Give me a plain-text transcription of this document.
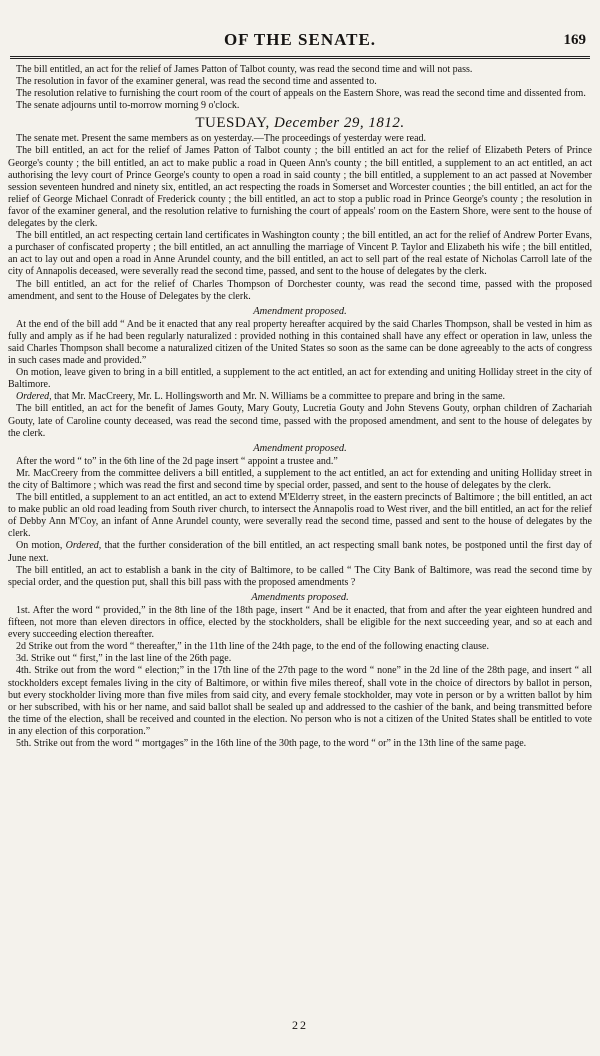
OF THE SENATE.	169

The bill entitled, an act for the relief of James Patton of Talbot county, was read the second time and will not pass.

The resolution in favor of the examiner general, was read the second time and assented to.

The resolution relative to furnishing the court room of the court of appeals on the Eastern Shore, was read the second time and dissented from.

The senate adjourns until to-morrow morning 9 o'clock.

TUESDAY, December 29, 1812.

The senate met. Present the same members as on yesterday.—The proceedings of yesterday were read.

The bill entitled, an act for the relief of James Patton of Talbot county ; the bill entitled an act for the relief of Elizabeth Peters of Prince George's county ; the bill entitled, an act to make public a road in Queen Ann's county ; the bill entitled, a supplement to an act entitled, an act authorising the levy court of Prince George's county to open a road in said county ; the bill entitled, a supplement to an act passed at November session seventeen hundred and ninety six, entitled, an act respecting the roads in Somerset and Worcester counties ; the bill entitled, an act for the relief of George Michael Conradt of Frederick county ; the bill entitled, an act to stop a public road in Prince George's county ; the resolution in favor of the examiner general, and the resolution relative to furnishing the court of appeals' room on the Eastern Shore, were sent to the house of delegates by the clerk.

The bill entitled, an act respecting certain land certificates in Washington county ; the bill entitled, an act for the relief of Andrew Porter Evans, a purchaser of confiscated property ; the bill entitled, an act annulling the marriage of Vincent P. Taylor and Elizabeth his wife ; the bill entitled, an act to lay out and open a road in Anne Arundel county, and the bill entitled, an act to sell part of the real estate of Nicholas Carroll late of the city of Annapolis deceased, were severally read the second time, passed, and sent to the house of delegates by the clerk.

The bill entitled, an act for the relief of Charles Thompson of Dorchester county, was read the second time, passed with the proposed amendment, and sent to the House of Delegates by the clerk.

Amendment proposed.

At the end of the bill add “ And be it enacted that any real property hereafter acquired by the said Charles Thompson, shall be vested in him as fully and amply as if he had been regularly naturalized : provided nothing in this contained shall have any effect or operation in law, unless the said Charles Thompson shall become a naturalized citizen of the United States so soon as the same can be done agreeably to the acts of congress in such cases made and provided.”

On motion, leave given to bring in a bill entitled, a supplement to the act entitled, an act for extending and uniting Holliday street in the city of Baltimore.

Ordered, that Mr. MacCreery, Mr. L. Hollingsworth and Mr. N. Williams be a committee to prepare and bring in the same.

The bill entitled, an act for the benefit of James Gouty, Mary Gouty, Lucretia Gouty and John Stevens Gouty, orphan children of Zachariah Gouty, late of Caroline county deceased, was read the second time, passed with the proposed amendment, and sent to the house of delegates by the clerk.

Amendment proposed.

After the word “ to” in the 6th line of the 2d page insert “ appoint a trustee and.”

Mr. MacCreery from the committee delivers a bill entitled, a supplement to the act entitled, an act for extending and uniting Holliday street in the city of Baltimore ; which was read the first and second time by special order, passed, and sent to the house of delegates by the clerk.

The bill entitled, a supplement to an act entitled, an act to extend M'Elderry street, in the eastern precincts of Baltimore ; the bill entitled, an act to make public an old road leading from South river church, to intersect the Annapolis road to West river, and the bill entitled, an act for the relief of Debby Ann M'Coy, an infant of Anne Arundel county, were severally read the second time, passed and sent to the house of delegates by the clerk.

On motion, Ordered, that the further consideration of the bill entitled, an act respecting small bank notes, be postponed until the first day of June next.

The bill entitled, an act to establish a bank in the city of Baltimore, to be called “ The City Bank of Baltimore, was read the second time by special order, and the question put, shall this bill pass with the proposed amendments ?

Amendments proposed.

1st. After the word “ provided,” in the 8th line of the 18th page, insert “ And be it enacted, that from and after the year eighteen hundred and fifteen, not more than eleven directors in office, elected by the stockholders, shall be eligible for the next succeeding year, and so at each and every succeeding election thereafter.

2d Strike out from the word “ thereafter,” in the 11th line of the 24th page, to the end of the following enacting clause.

3d. Strike out “ first,” in the last line of the 26th page.

4th. Strike out from the word “ election;” in the 17th line of the 27th page to the word “ none” in the 2d line of the 28th page, and insert “ all stockholders except females living in the city of Baltimore, or within five miles thereof, shall vote in the choice of directors by ballot in person, but every stockholder living more than five miles from said city, and every female stockholder, may vote in person or by a written ballot by him or her subscribed, with his or her name, and said ballot shall be sealed up and addressed to the cashier of the bank, and being transmitted before the time of the election, shall be received and counted in the election. No person who is not a citizen of the United States shall be entitled to vote in any election of this corporation.”

5th. Strike out from the word “ mortgages” in the 16th line of the 30th page, to the word “ or” in the 13th line of the same page.

22
